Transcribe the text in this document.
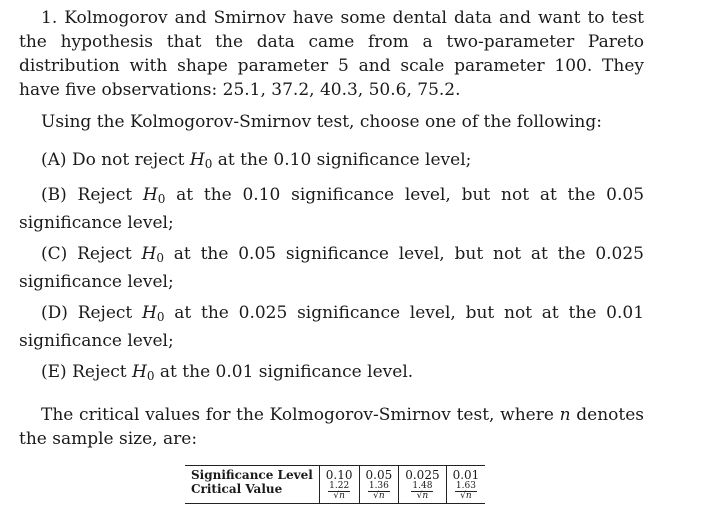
1. Kolmogorov and Smirnov have some dental data and want to test the hypothesis that the data came from a two-parameter Pareto distribution with shape parameter 5 and scale parameter 100. They have five observations: 25.1, 37.2, 40.3, 50.6, 75.2.

Using the Kolmogorov-Smirnov test, choose one of the following:

(A) Do not reject $H_0$ at the 0.10 significance level;

(B) Reject $H_0$ at the 0.10 significance level, but not at the 0.05 significance level;

(C) Reject $H_0$ at the 0.05 significance level, but not at the 0.025 significance level;

(D) Reject $H_0$ at the 0.025 significance level, but not at the 0.01 significance level;

(E) Reject $H_0$ at the 0.01 significance level.

The critical values for the Kolmogorov-Smirnov test, where n denotes the sample size, are:

Significance Level	0.10	0.05	0.025	0.01
Critical Value	$\frac{1.22}{√n}$	$\frac{1.36}{√n}$	$\frac{1.48}{√n}$	$\frac{1.63}{√n}$
